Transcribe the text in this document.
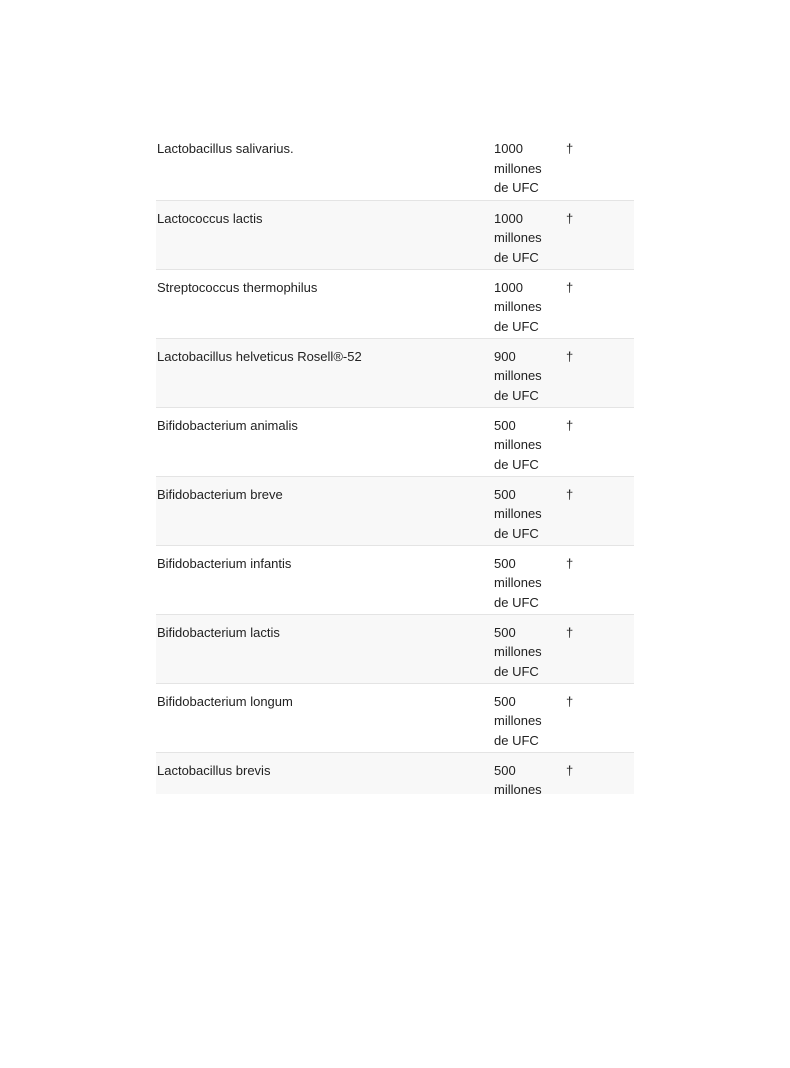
Lactobacillus salivarius.	1000 millones de UFC	†
Lactococcus lactis	1000 millones de UFC	†
Streptococcus thermophilus	1000 millones de UFC	†
Lactobacillus helveticus Rosell®-52	900 millones de UFC	†
Bifidobacterium animalis	500 millones de UFC	†
Bifidobacterium breve	500 millones de UFC	†
Bifidobacterium infantis	500 millones de UFC	†
Bifidobacterium lactis	500 millones de UFC	†
Bifidobacterium longum	500 millones de UFC	†
Lactobacillus brevis	500 millones	†
